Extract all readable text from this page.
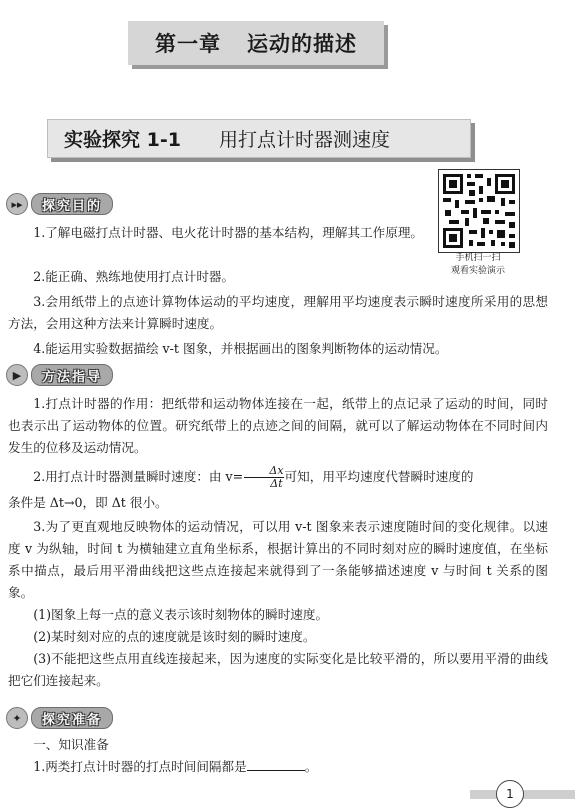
第一章 运动的描述
实验探究 1-1 用打点计时器测速度
手机扫一扫
观看实验演示
▸▸	探究目的
1.了解电磁打点计时器、电火花计时器的基本结构，理解其工作原理。
2.能正确、熟练地使用打点计时器。
3.会用纸带上的点迹计算物体运动的平均速度，理解用平均速度表示瞬时速度所采用的思想方法，会用这种方法来计算瞬时速度。
4.能运用实验数据描绘 v-t 图象，并根据画出的图象判断物体的运动情况。
▶	方法指导
1.打点计时器的作用：把纸带和运动物体连接在一起，纸带上的点记录了运动的时间，同时也表示出了运动物体的位置。研究纸带上的点迹之间的间隔，就可以了解运动物体在不同时间内发生的位移及运动情况。
2.用打点计时器测量瞬时速度：由 $v= \frac{\Delta x}{\Delta t}$ 可知，用平均速度代替瞬时速度的
条件是 Δt→0，即 Δt 很小。
3.为了更直观地反映物体的运动情况，可以用 v-t 图象来表示速度随时间的变化规律。以速度 v 为纵轴，时间 t 为横轴建立直角坐标系，根据计算出的不同时刻对应的瞬时速度值，在坐标系中描点，最后用平滑曲线把这些点连接起来就得到了一条能够描述速度 v 与时间 t 关系的图象。
(1)图象上每一点的意义表示该时刻物体的瞬时速度。
(2)某时刻对应的点的速度就是该时刻的瞬时速度。
(3)不能把这些点用直线连接起来，因为速度的实际变化是比较平滑的，所以要用平滑的曲线把它们连接起来。
✦	探究准备
一、知识准备
1.两类打点计时器的打点时间间隔都是	。
1
